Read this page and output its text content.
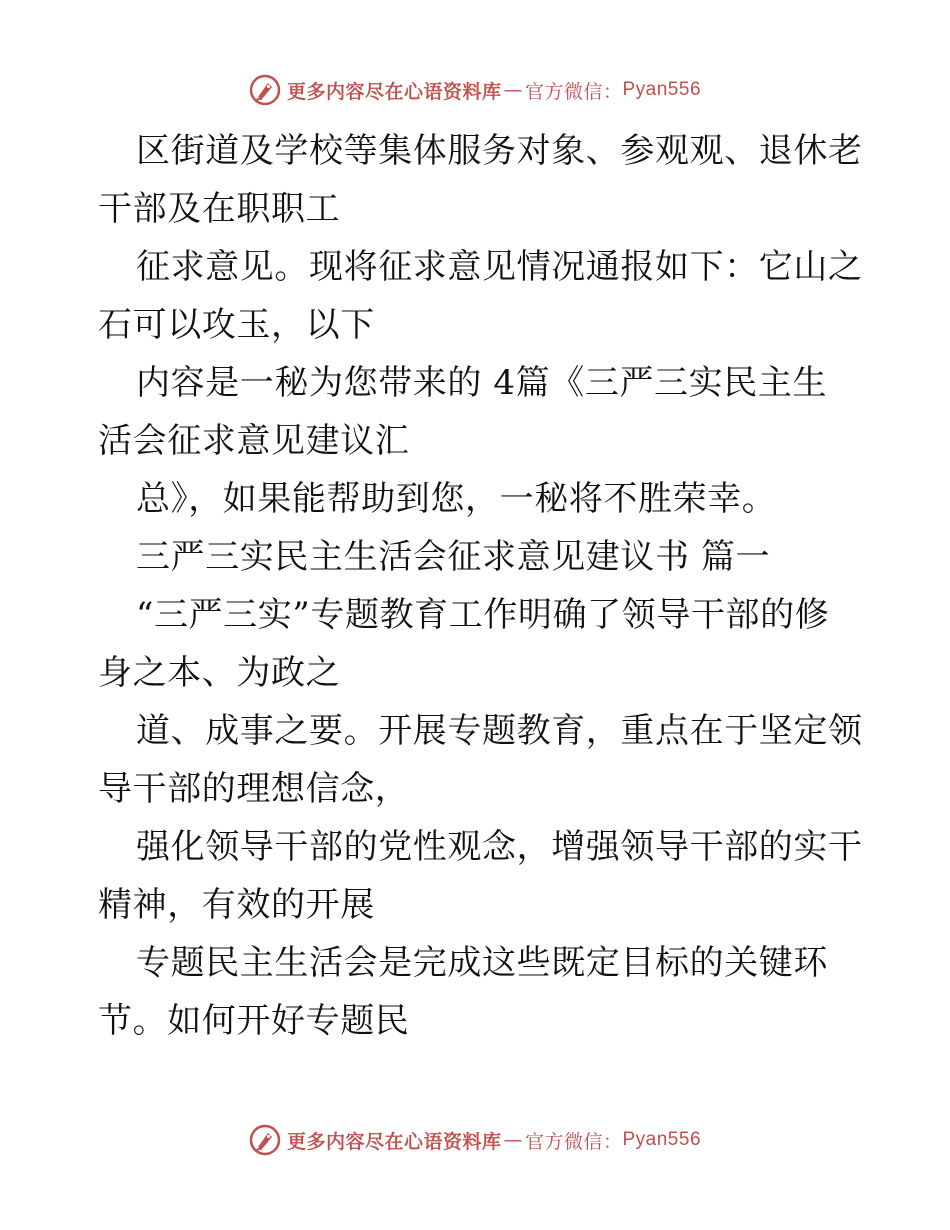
更多内容尽在心语资料库 — 官方微信： Pyan556
区街道及学校等集体服务对象、参观观、退休老
干部及在职职工
征求意见。现将征求意见情况通报如下：它山之
石可以攻玉，以下
内容是一秘为您带来的 4篇《三严三实民主生
活会征求意见建议汇
总》，如果能帮助到您，一秘将不胜荣幸。
三严三实民主生活会征求意见建议书 篇一
“三严三实”专题教育工作明确了领导干部的修
身之本、为政之
道、成事之要。开展专题教育，重点在于坚定领
导干部的理想信念，
强化领导干部的党性观念，增强领导干部的实干
精神，有效的开展
专题民主生活会是完成这些既定目标的关键环
节。如何开好专题民
更多内容尽在心语资料库 — 官方微信： Pyan556
